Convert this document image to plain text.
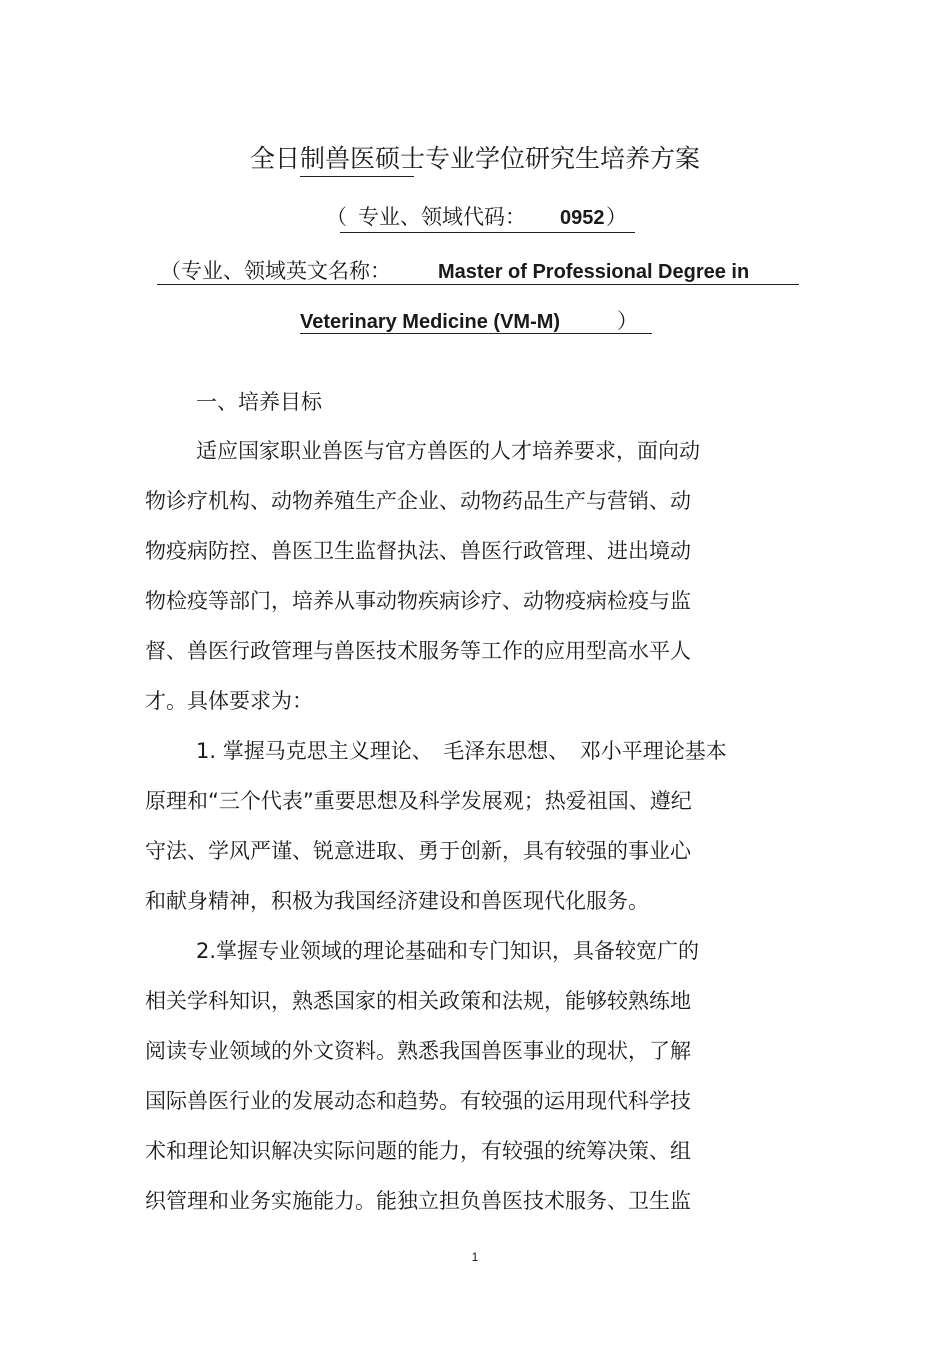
全日制兽医硕士专业学位研究生培养方案
（ 专业、领域代码： 0952 ）
（专业、领域英文名称： Master of Professional Degree in
Veterinary Medicine (VM-M)	）
一、培养目标
适应国家职业兽医与官方兽医的人才培养要求，面向动
物诊疗机构、动物养殖生产企业、动物药品生产与营销、动
物疫病防控、兽医卫生监督执法、兽医行政管理、进出境动
物检疫等部门，培养从事动物疾病诊疗、动物疫病检疫与监
督、兽医行政管理与兽医技术服务等工作的应用型高水平人
才。具体要求为：
1. 掌握马克思主义理论、　毛泽东思想、　邓小平理论基本
原理和“三个代表”重要思想及科学发展观；热爱祖国、遵纪
守法、学风严谨、锐意进取、勇于创新，具有较强的事业心
和献身精神，积极为我国经济建设和兽医现代化服务。
2.掌握专业领域的理论基础和专门知识，具备较宽广的
相关学科知识，熟悉国家的相关政策和法规，能够较熟练地
阅读专业领域的外文资料。熟悉我国兽医事业的现状，了解
国际兽医行业的发展动态和趋势。有较强的运用现代科学技
术和理论知识解决实际问题的能力，有较强的统筹决策、组
织管理和业务实施能力。能独立担负兽医技术服务、卫生监
1
